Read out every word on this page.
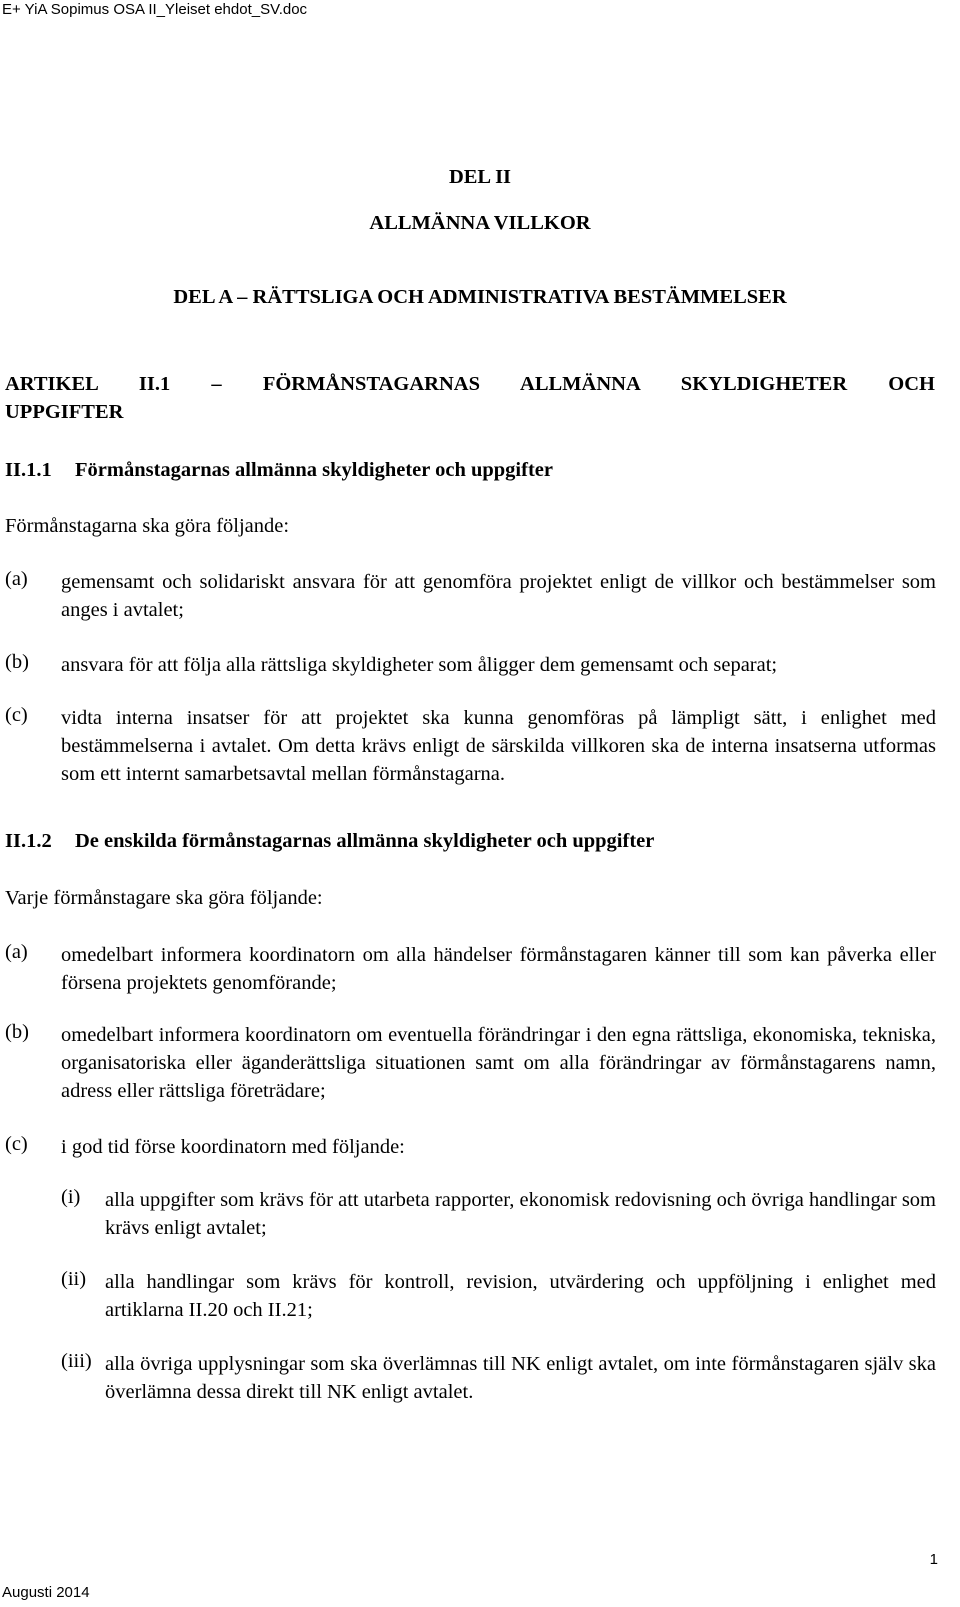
E+ YiA Sopimus OSA II_Yleiset ehdot_SV.doc
DEL II
ALLMÄNNA VILLKOR
DEL A – RÄTTSLIGA OCH ADMINISTRATIVA BESTÄMMELSER
ARTIKEL II.1 – FÖRMÅNSTAGARNAS ALLMÄNNA SKYLDIGHETER OCH
UPPGIFTER
II.1.1 Förmånstagarnas allmänna skyldigheter och uppgifter
Förmånstagarna ska göra följande:
(a) gemensamt och solidariskt ansvara för att genomföra projektet enligt de villkor och bestämmelser som anges i avtalet;
(b) ansvara för att följa alla rättsliga skyldigheter som åligger dem gemensamt och separat;
(c) vidta interna insatser för att projektet ska kunna genomföras på lämpligt sätt, i enlighet med bestämmelserna i avtalet. Om detta krävs enligt de särskilda villkoren ska de interna insatserna utformas som ett internt samarbetsavtal mellan förmånstagarna.
II.1.2 De enskilda förmånstagarnas allmänna skyldigheter och uppgifter
Varje förmånstagare ska göra följande:
(a) omedelbart informera koordinatorn om alla händelser förmånstagaren känner till som kan påverka eller försena projektets genomförande;
(b) omedelbart informera koordinatorn om eventuella förändringar i den egna rättsliga, ekonomiska, tekniska, organisatoriska eller äganderättsliga situationen samt om alla förändringar av förmånstagarens namn, adress eller rättsliga företrädare;
(c) i god tid förse koordinatorn med följande:
(i) alla uppgifter som krävs för att utarbeta rapporter, ekonomisk redovisning och övriga handlingar som krävs enligt avtalet;
(ii) alla handlingar som krävs för kontroll, revision, utvärdering och uppföljning i enlighet med artiklarna II.20 och II.21;
(iii) alla övriga upplysningar som ska överlämnas till NK enligt avtalet, om inte förmånstagaren själv ska överlämna dessa direkt till NK enligt avtalet.
1
Augusti 2014
